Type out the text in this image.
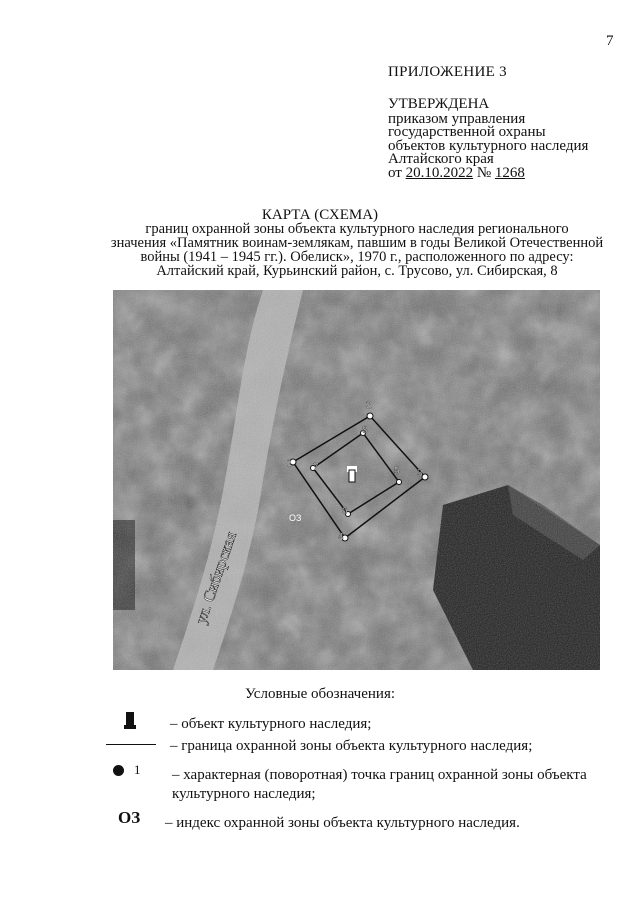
7
ПРИЛОЖЕНИЕ 3
УТВЕРЖДЕНА
приказом управления
государственной охраны
объектов культурного наследия
Алтайского края
от 20.10.2022 № 1268
КАРТА (СХЕМА)
границ охранной зоны объекта культурного наследия регионального
значения «Памятник воинам-землякам, павшим в годы Великой Отечественной
войны (1941 – 1945 гг.). Обелиск», 1970 г., расположенного по адресу:
Алтайский край, Курьинский район, с. Трусово, ул. Сибирская, 8
1
2
3
4
5
6
7
8
ОЗ
ул. Сибирская
Условные обозначения:
– объект культурного наследия;
– граница охранной зоны объекта культурного наследия;
1 – характерная (поворотная) точка границ охранной зоны объекта
культурного наследия;
ОЗ – индекс охранной зоны объекта культурного наследия.
